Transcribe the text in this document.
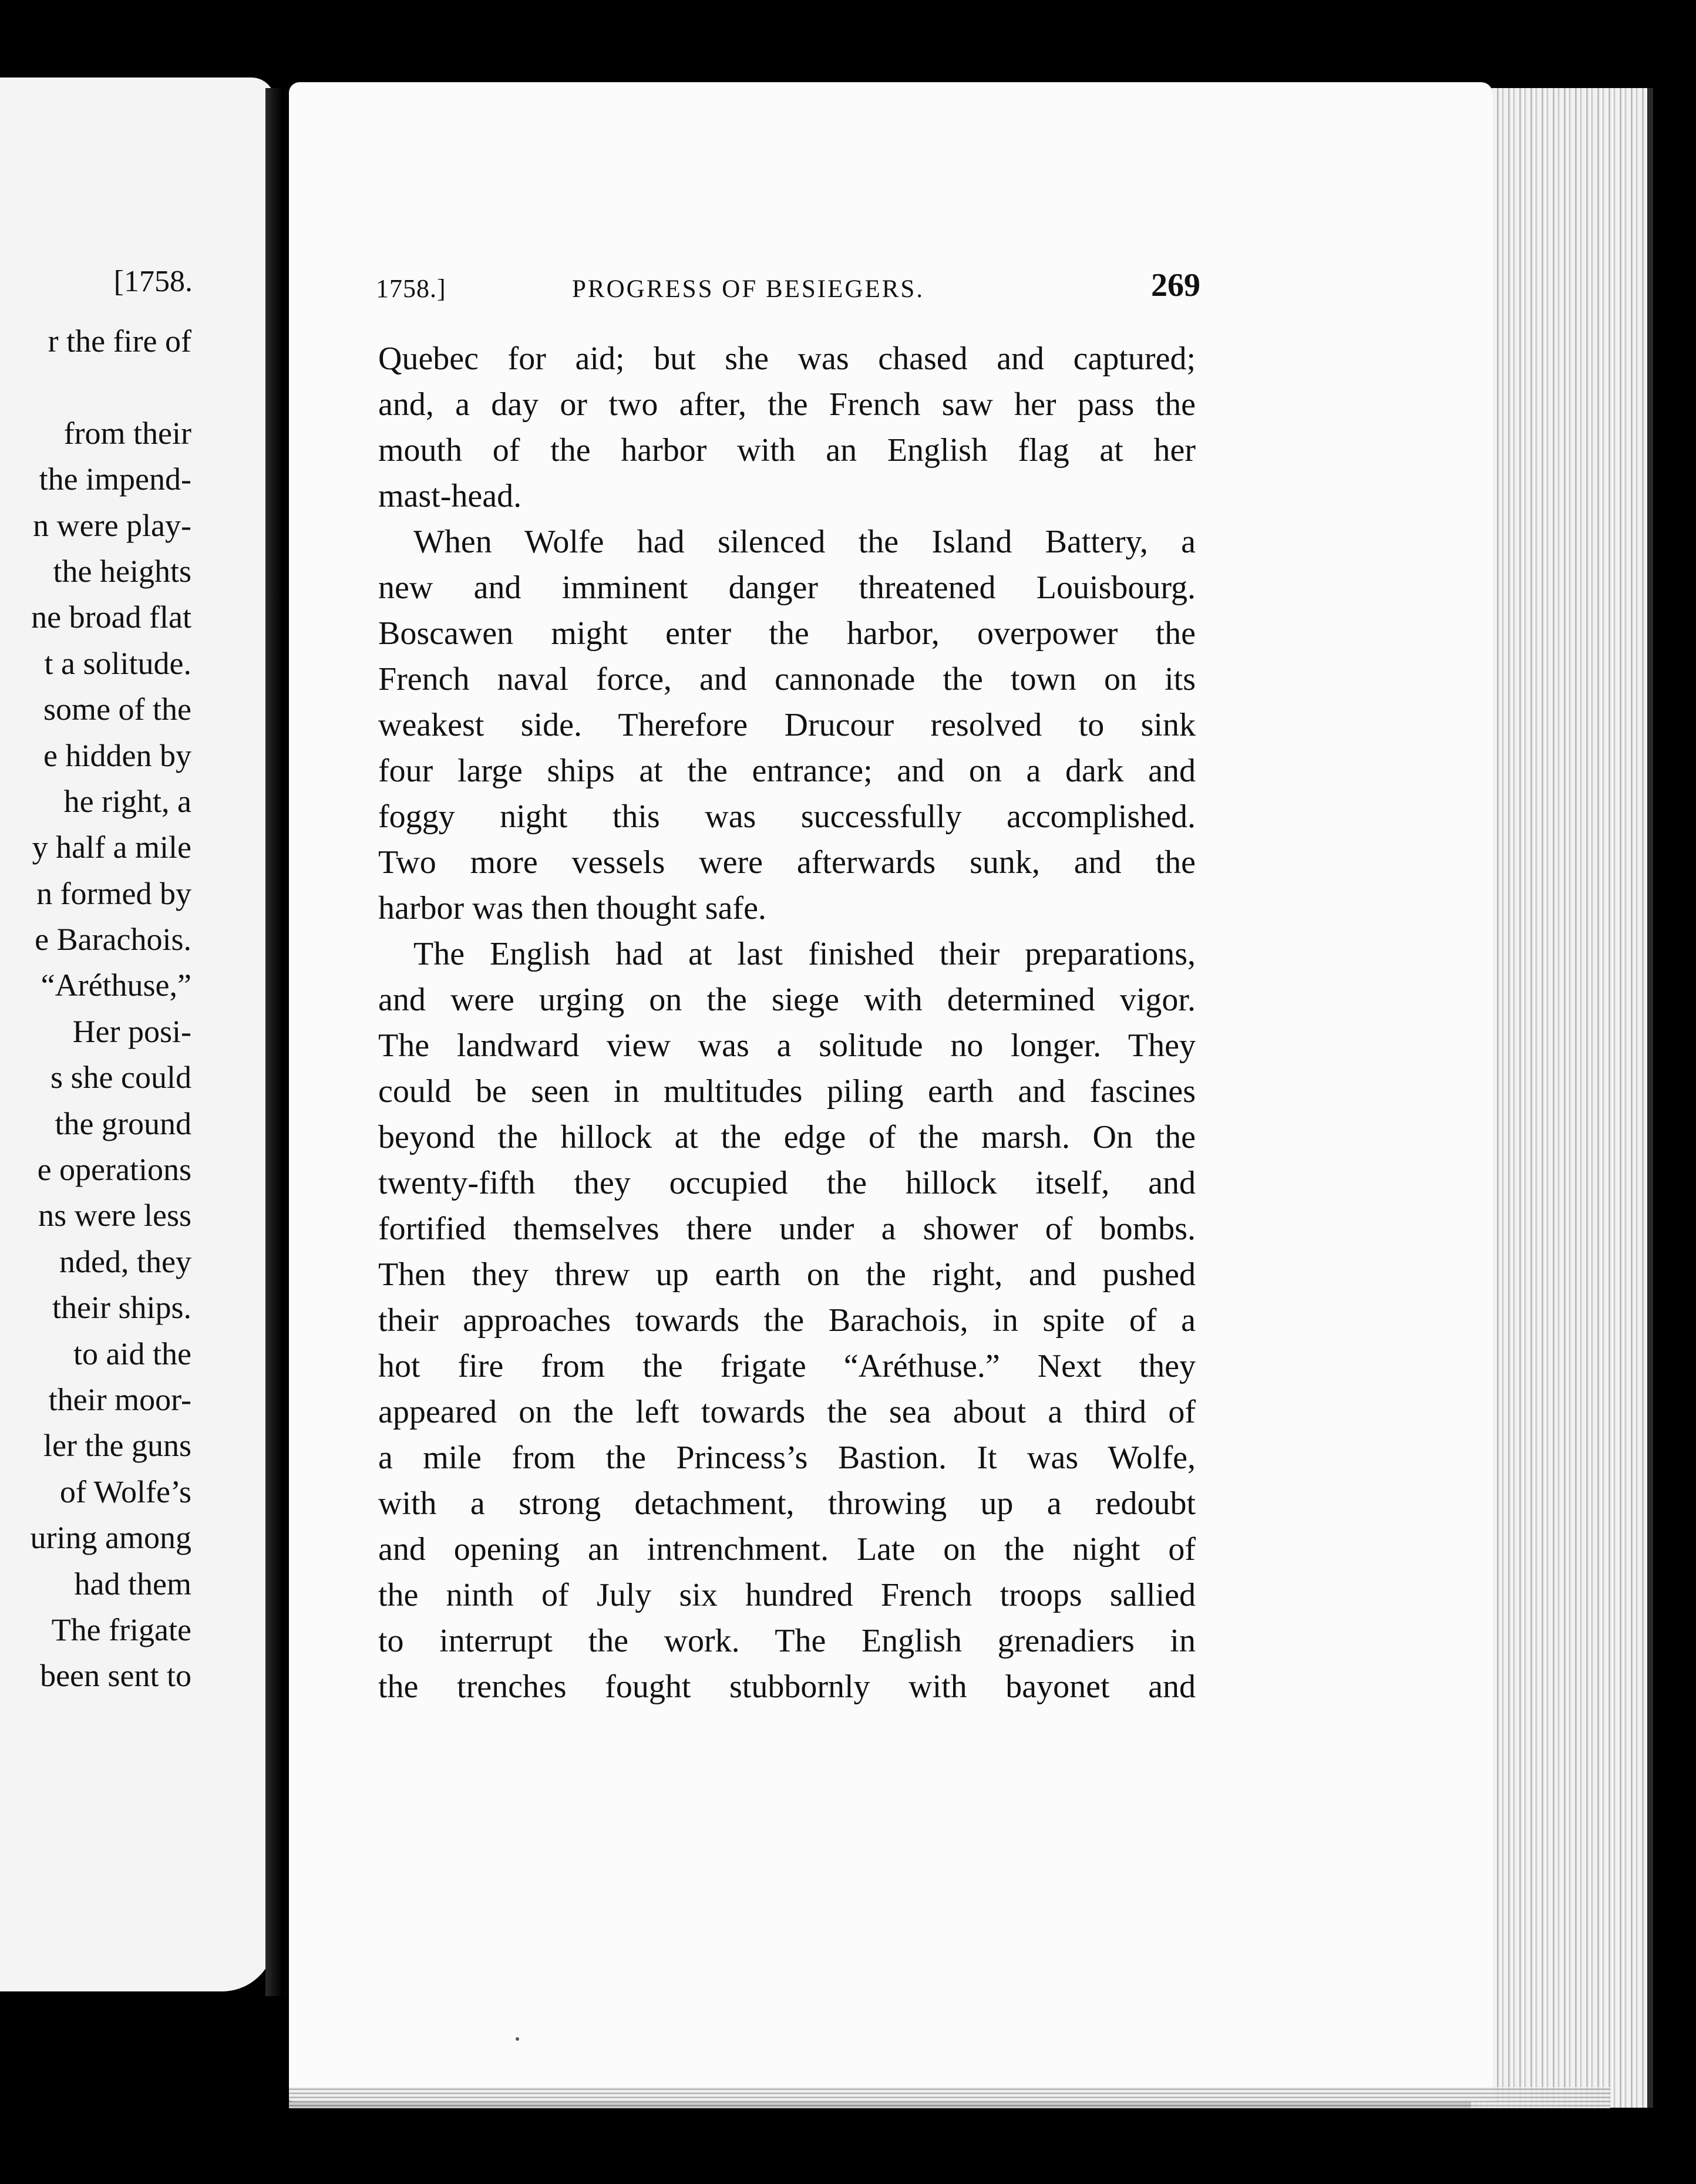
[1758.
r the fire of
from their
the impend-
n were play-
the heights
ne broad flat
t a solitude.
some of the
e hidden by
he right, a
y half a mile
n formed by
e Barachois.
“Aréthuse,”
Her posi-
s she could
the ground
e operations
ns were less
nded, they
their ships.
to aid the
their moor-
ler the guns
of Wolfe’s
uring among
had them
The frigate
been sent to
1758.]	PROGRESS OF BESIEGERS.	269
Quebec for aid; but she was chased and captured;
and, a day or two after, the French saw her pass the
mouth of the harbor with an English flag at her
mast-head.
When Wolfe had silenced the Island Battery, a
new and imminent danger threatened Louisbourg.
Boscawen might enter the harbor, overpower the
French naval force, and cannonade the town on its
weakest side. Therefore Drucour resolved to sink
four large ships at the entrance; and on a dark and
foggy night this was successfully accomplished.
Two more vessels were afterwards sunk, and the
harbor was then thought safe.
The English had at last finished their preparations,
and were urging on the siege with determined vigor.
The landward view was a solitude no longer. They
could be seen in multitudes piling earth and fascines
beyond the hillock at the edge of the marsh. On the
twenty-fifth they occupied the hillock itself, and
fortified themselves there under a shower of bombs.
Then they threw up earth on the right, and pushed
their approaches towards the Barachois, in spite of a
hot fire from the frigate “Aréthuse.” Next they
appeared on the left towards the sea about a third of
a mile from the Princess’s Bastion. It was Wolfe,
with a strong detachment, throwing up a redoubt
and opening an intrenchment. Late on the night of
the ninth of July six hundred French troops sallied
to interrupt the work. The English grenadiers in
the trenches fought stubbornly with bayonet and
